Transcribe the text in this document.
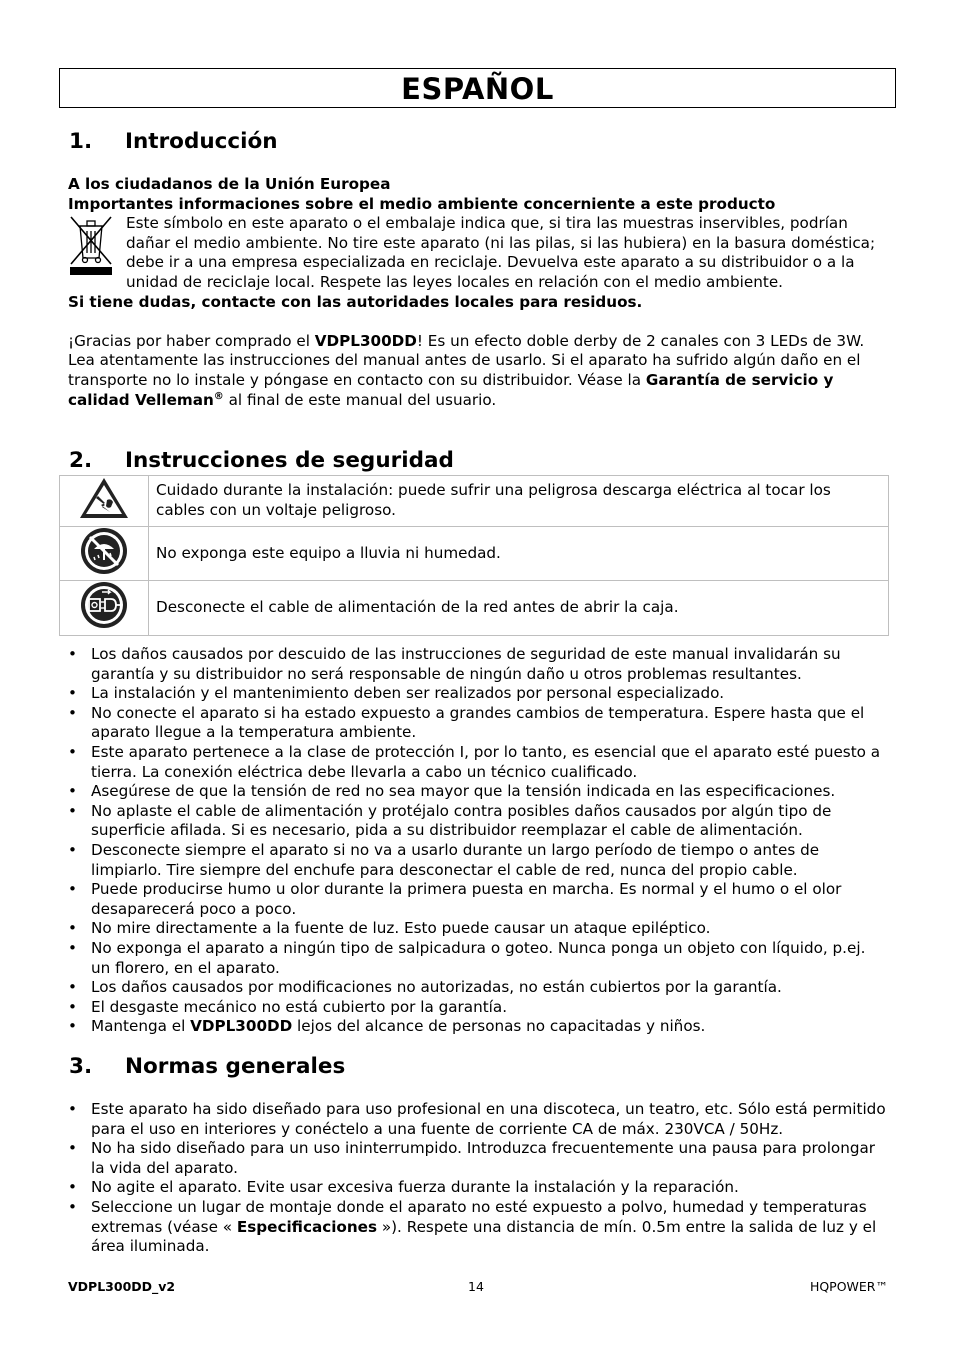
ESPAÑOL
1. Introducción

A los ciudadanos de la Unión Europea

Importantes informaciones sobre el medio ambiente concerniente a este producto

Este símbolo en este aparato o el embalaje indica que, si tira las muestras inservibles, podrían dañar el medio ambiente. No tire este aparato (ni las pilas, si las hubiera) en la basura doméstica; debe ir a una empresa especializada en reciclaje. Devuelva este aparato a su distribuidor o a la unidad de reciclaje local. Respete las leyes locales en relación con el medio ambiente.

Si tiene dudas, contacte con las autoridades locales para residuos.

¡Gracias por haber comprado el VDPL300DD! Es un efecto doble derby de 2 canales con 3 LEDs de 3W. Lea atentamente las instrucciones del manual antes de usarlo. Si el aparato ha sufrido algún daño en el transporte no lo instale y póngase en contacto con su distribuidor. Véase la Garantía de servicio y calidad Velleman® al final de este manual del usuario.

2. Instrucciones de seguridad
	Cuidado durante la instalación: puede sufrir una peligrosa descarga eléctrica al tocar los cables con un voltaje peligroso.
	No exponga este equipo a lluvia ni humedad.
	Desconecte el cable de alimentación de la red antes de abrir la caja.
• Los daños causados por descuido de las instrucciones de seguridad de este manual invalidarán su garantía y su distribuidor no será responsable de ningún daño u otros problemas resultantes.
• La instalación y el mantenimiento deben ser realizados por personal especializado.
• No conecte el aparato si ha estado expuesto a grandes cambios de temperatura. Espere hasta que el aparato llegue a la temperatura ambiente.
• Este aparato pertenece a la clase de protección I, por lo tanto, es esencial que el aparato esté puesto a tierra. La conexión eléctrica debe llevarla a cabo un técnico cualificado.
• Asegúrese de que la tensión de red no sea mayor que la tensión indicada en las especificaciones.
• No aplaste el cable de alimentación y protéjalo contra posibles daños causados por algún tipo de superficie afilada. Si es necesario, pida a su distribuidor reemplazar el cable de alimentación.
• Desconecte siempre el aparato si no va a usarlo durante un largo período de tiempo o antes de limpiarlo. Tire siempre del enchufe para desconectar el cable de red, nunca del propio cable.
• Puede producirse humo u olor durante la primera puesta en marcha. Es normal y el humo o el olor desaparecerá poco a poco.
• No mire directamente a la fuente de luz. Esto puede causar un ataque epiléptico.
• No exponga el aparato a ningún tipo de salpicadura o goteo. Nunca ponga un objeto con líquido, p.ej. un florero, en el aparato.
• Los daños causados por modificaciones no autorizadas, no están cubiertos por la garantía.
• El desgaste mecánico no está cubierto por la garantía.
• Mantenga el VDPL300DD lejos del alcance de personas no capacitadas y niños.
3. Normas generales
• Este aparato ha sido diseñado para uso profesional en una discoteca, un teatro, etc. Sólo está permitido para el uso en interiores y conéctelo a una fuente de corriente CA de máx. 230VCA / 50Hz.
• No ha sido diseñado para un uso ininterrumpido. Introduzca frecuentemente una pausa para prolongar la vida del aparato.
• No agite el aparato. Evite usar excesiva fuerza durante la instalación y la reparación.
• Seleccione un lugar de montaje donde el aparato no esté expuesto a polvo, humedad y temperaturas extremas (véase « Especificaciones »). Respete una distancia de mín. 0.5m entre la salida de luz y el área iluminada.
VDPL300DD_v2	14	HQPOWER™
